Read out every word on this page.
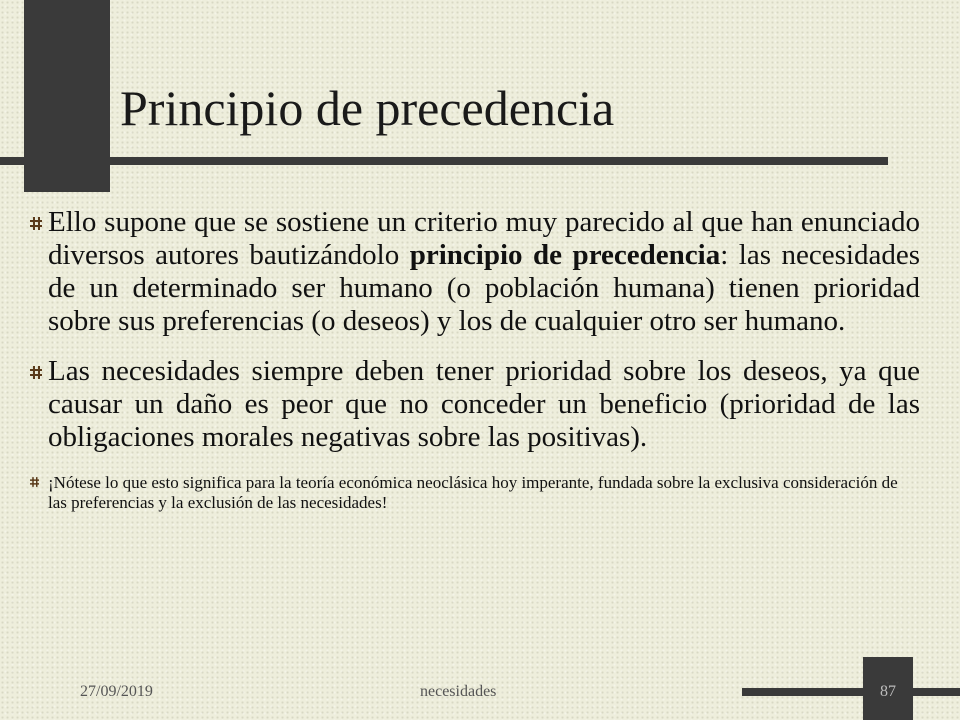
Principio de precedencia
Ello supone que se sostiene un criterio muy parecido al que han enunciado diversos autores bautizándolo principio de precedencia: las necesidades de un determinado ser humano (o población humana) tienen prioridad sobre sus preferencias (o deseos) y los de cualquier otro ser humano.
Las necesidades siempre deben tener prioridad sobre los deseos, ya que causar un daño es peor que no conceder un beneficio (prioridad de las obligaciones morales negativas sobre las positivas).
¡Nótese lo que esto significa para la teoría económica neoclásica hoy imperante, fundada sobre la exclusiva consideración de las preferencias y la exclusión de las necesidades!
27/09/2019	necesidades	87
